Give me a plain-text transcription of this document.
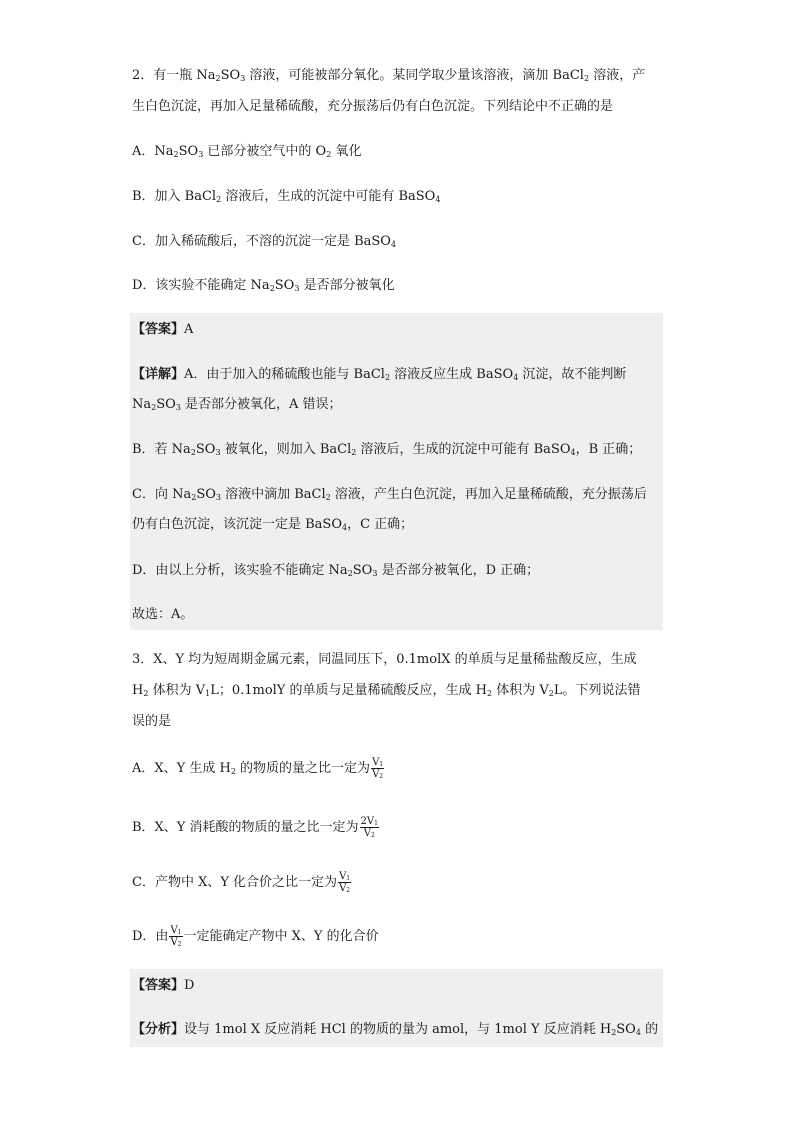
2．有一瓶 $Na_2SO_3$ 溶液，可能被部分氧化。某同学取少量该溶液，滴加 BaCl$_2$ 溶液，产
生白色沉淀，再加入足量稀硫酸，充分振荡后仍有白色沉淀。下列结论中不正确的是
A．$Na_2SO_3$ 已部分被空气中的 $O_2$ 氧化
B．加入 BaCl$_2$ 溶液后，生成的沉淀中可能有 BaSO$_4$
C．加入稀硫酸后，不溶的沉淀一定是 BaSO$_4$
D．该实验不能确定 $Na_2SO_3$ 是否部分被氧化
【答案】A
【详解】A．由于加入的稀硫酸也能与 BaCl$_2$ 溶液反应生成 BaSO$_4$ 沉淀，故不能判断
$Na_2SO_3$ 是否部分被氧化，A 错误；
B．若 $Na_2SO_3$ 被氧化，则加入 BaCl$_2$ 溶液后，生成的沉淀中可能有 BaSO$_4$，B 正确；
C．向 $Na_2SO_3$ 溶液中滴加 BaCl$_2$ 溶液，产生白色沉淀，再加入足量稀硫酸，充分振荡后
仍有白色沉淀，该沉淀一定是 BaSO$_4$，C 正确；
D．由以上分析，该实验不能确定 $Na_2SO_3$ 是否部分被氧化，D 正确；
故选：A。
3．X、Y 均为短周期金属元素，同温同压下，0.1molX 的单质与足量稀盐酸反应，生成
$H_2$ 体积为 $V_1L$；0.1molY 的单质与足量稀硫酸反应，生成 $H_2$ 体积为 $V_2L$。下列说法错
误的是
A．X、Y 生成 $H_2$ 的物质的量之比一定为 $\frac{V_1}{V_2}$
B．X、Y 消耗酸的物质的量之比一定为 $\frac{2V_1}{V_2}$
C．产物中 X、Y 化合价之比一定为 $\frac{V_1}{V_2}$
D．由 $\frac{V_1}{V_2}$ 一定能确定产物中 X、Y 的化合价
【答案】D
【分析】设与 1mol X 反应消耗 HCl 的物质的量为 amol，与 1mol Y 反应消耗 $H_2SO_4$ 的
